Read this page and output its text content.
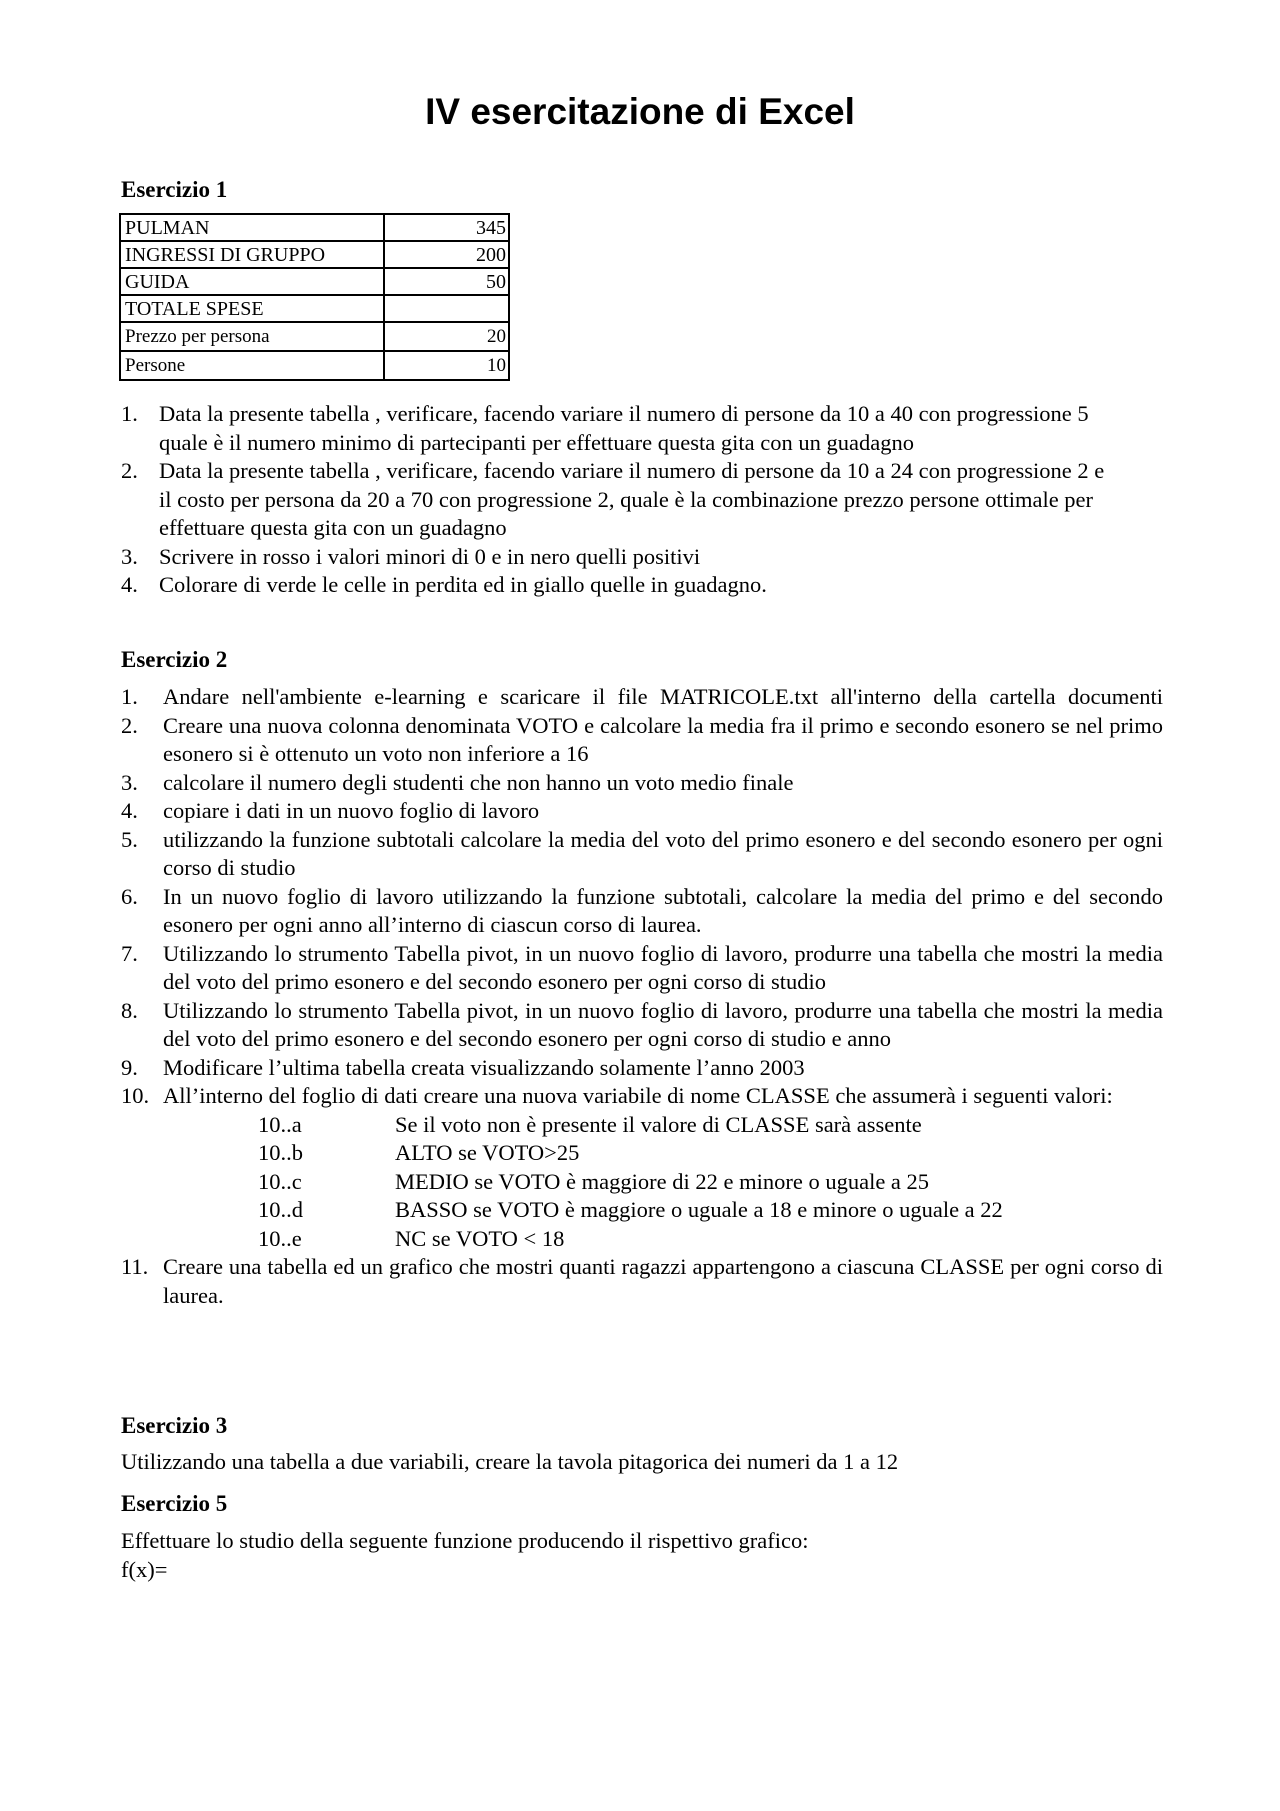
IV esercitazione di Excel
Esercizio 1
PULMAN	345
INGRESSI DI GRUPPO	200
GUIDA	50
TOTALE SPESE	
Prezzo per persona	20
Persone	10
1. Data la presente tabella , verificare, facendo variare il numero di persone da 10 a 40 con progressione 5 quale è il numero minimo di partecipanti per effettuare questa gita con un guadagno
2. Data la presente tabella , verificare, facendo variare il numero di persone da 10 a 24 con progressione 2 e il costo per persona da 20 a 70 con progressione 2, quale è la combinazione prezzo persone ottimale per effettuare questa gita con un guadagno
3. Scrivere in rosso i valori minori di 0 e in nero quelli positivi
4. Colorare di verde le celle in perdita ed in giallo quelle in guadagno.
Esercizio 2
1. Andare nell'ambiente e-learning e scaricare il file MATRICOLE.txt all'interno della cartella documenti
2. Creare una nuova colonna denominata VOTO e calcolare la media fra il primo e secondo esonero se nel primo esonero si è ottenuto un voto non inferiore a 16
3. calcolare il numero degli studenti che non hanno un voto medio finale
4. copiare i dati in un nuovo foglio di lavoro
5. utilizzando la funzione subtotali calcolare la media del voto del primo esonero e del secondo esonero per ogni corso di studio
6. In un nuovo foglio di lavoro utilizzando la funzione subtotali, calcolare la media del primo e del secondo esonero per ogni anno all’interno di ciascun corso di laurea.
7. Utilizzando lo strumento Tabella pivot, in un nuovo foglio di lavoro, produrre una tabella che mostri la media del voto del primo esonero e del secondo esonero per ogni corso di studio
8. Utilizzando lo strumento Tabella pivot, in un nuovo foglio di lavoro, produrre una tabella che mostri la media del voto del primo esonero e del secondo esonero per ogni corso di studio e anno
9. Modificare l’ultima tabella creata visualizzando solamente l’anno 2003
10. All’interno del foglio di dati creare una nuova variabile di nome CLASSE che assumerà i seguenti valori:
10..a	Se il voto non è presente il valore di CLASSE sarà assente
10..b	ALTO se VOTO>25
10..c	MEDIO se VOTO è maggiore di 22 e minore o uguale a 25
10..d	BASSO se VOTO è maggiore o uguale a 18 e minore o uguale a 22
10..e	NC se VOTO < 18
11. Creare una tabella ed un grafico che mostri quanti ragazzi appartengono a ciascuna CLASSE per ogni corso di laurea.
Esercizio 3

Utilizzando una tabella a due variabili, creare la tavola pitagorica dei numeri da 1 a 12

Esercizio 5

Effettuare lo studio della seguente funzione producendo il rispettivo grafico:

f(x)=
